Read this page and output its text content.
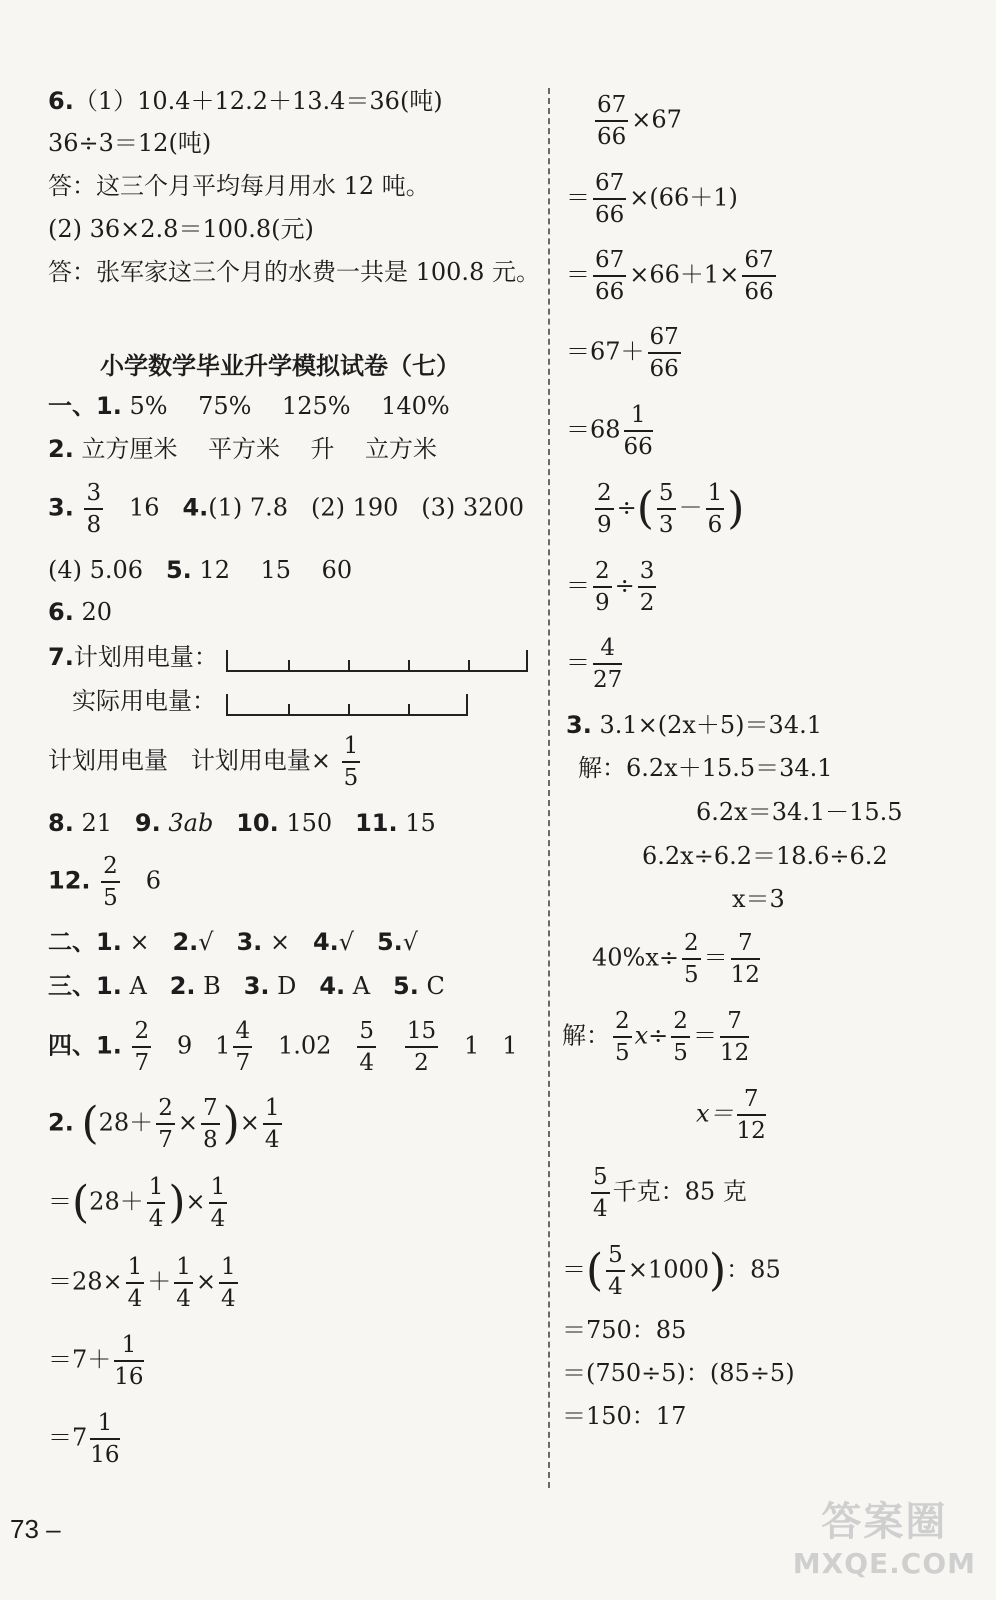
6.（1）10.4＋12.2＋13.4＝36(吨)
36÷3＝12(吨)
答：这三个月平均每月用水 12 吨。
(2) 36×2.8＝100.8(元)
答：张军家这三个月的水费一共是 100.8 元。
小学数学毕业升学模拟试卷（七）
一、1. 5% 75% 125% 140%
2. 立方厘米 平方米 升 立方米
3. $\frac{3}{8} 16$ 4.(1) 7.8 (2) 190 (3) 3200
(4) 5.06 5. 12 15 60
6. 20
7.计划用电量：
实际用电量：
计划用电量 计划用电量× $\frac{1}{5}$
8. 21 9. 3ab 10. 150 11. 15
12. $\frac{2}{5} 6$
二、1. × 2.√ 3. × 4.√ 5.√
三、1. A 2. B 3. D 4. A 5. C
四、1. $\frac{2}{7} 9$ $1 \frac{4}{7} 1.02 \frac{5}{4}$
$\frac{15}{2} 1$ 1
2. ($28+ \frac{2}{7} \times \frac{7}{8}$ )× $\frac{1}{4}$
$=(28+ \frac{1}{4}$ )× $\frac{1}{4}$
$=28\times \frac{1}{4} + \frac{1}{4} \times \frac{1}{4}$
$=7+ \frac{1}{16}$
$=7 \frac{1}{16}$
$\frac{67}{66} \times 67$
＝ $\frac{67}{66} \times(66+1)$
＝ $\frac{67}{66} \times 66+1\times \frac{67}{66}$
$=67+ \frac{67}{66}$
$=68 \frac{1}{66}$
$\frac{2}{9}$ ÷( $\frac{5}{3} - \frac{1}{6}$ )
＝ $\frac{2}{9} \div \frac{3}{2}$
＝ $\frac{4}{27}$
3. 3.1×(2x＋5)＝34.1
解：6.2x＋15.5＝34.1
6.2x＝34.1－15.5
6.2x÷6.2＝18.6÷6.2
x＝3
$40\%x\div \frac{2}{5} = \frac{7}{12}$
解： $\frac{2}{5} x\div \frac{2}{5} = \frac{7}{12}$
$x= \frac{7}{12}$
$\frac{5}{4}$ 千克：85 克
＝( $\frac{5}{4} \times 1000$)：85
＝750：85
＝(750÷5)：(85÷5)
＝150：17
73 –	答案圈
MXQE.COM
